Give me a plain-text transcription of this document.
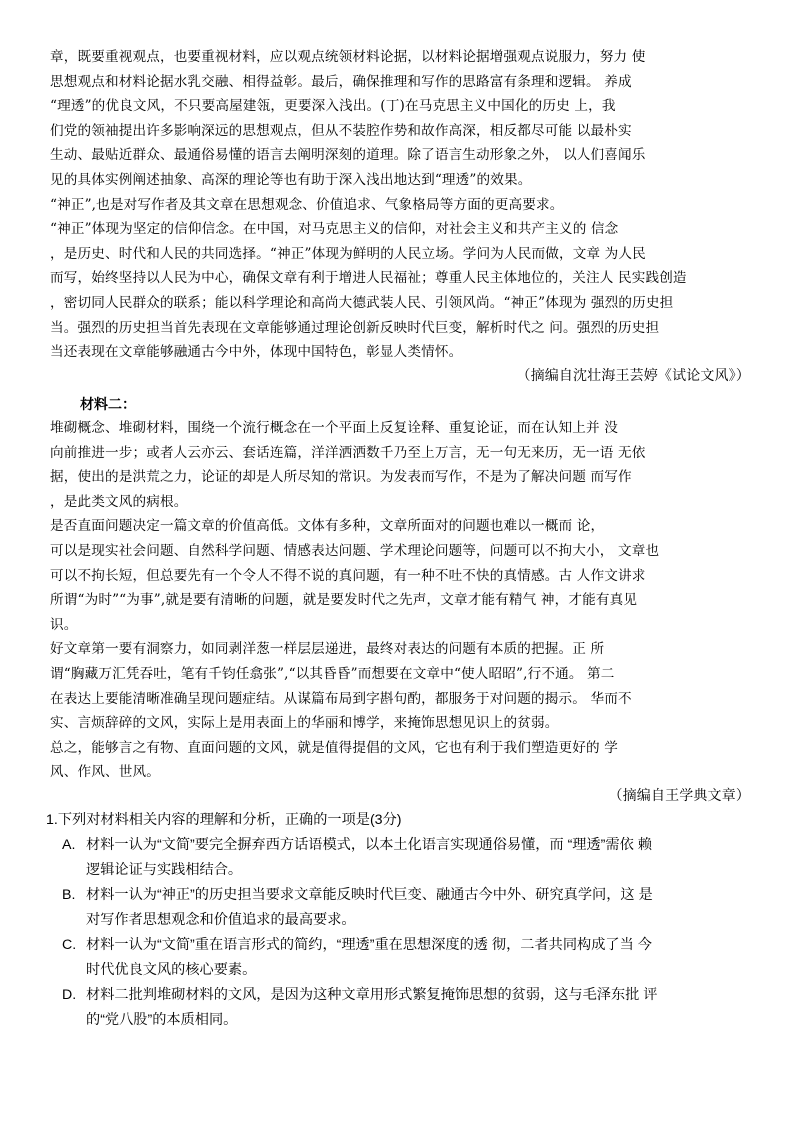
章，既要重视观点，也要重视材料，应以观点统领材料论据，以材料论据增强观点说服力，努力 使
思想观点和材料论据水乳交融、相得益彰。最后，确保推理和写作的思路富有条理和逻辑。 养成
“理透”的优良文风，不只要高屋建瓴，更要深入浅出。(丁)在马克思主义中国化的历史 上，我
们党的领袖提出许多影响深远的思想观点，但从不装腔作势和故作高深，相反都尽可能 以最朴实
生动、最贴近群众、最通俗易懂的语言去阐明深刻的道理。除了语言生动形象之外， 以人们喜闻乐
见的具体实例阐述抽象、高深的理论等也有助于深入浅出地达到“理透”的效果。
“神正”,也是对写作者及其文章在思想观念、价值追求、气象格局等方面的更高要求。
“神正”体现为坚定的信仰信念。在中国，对马克思主义的信仰，对社会主义和共产主义的 信念
，是历史、时代和人民的共同选择。“神正”体现为鲜明的人民立场。学问为人民而做，文章 为人民
而写，始终坚持以人民为中心，确保文章有利于增进人民福祉；尊重人民主体地位的，关注人 民实践创造
，密切同人民群众的联系；能以科学理论和高尚大德武装人民、引领风尚。“神正”体现为 强烈的历史担
当。强烈的历史担当首先表现在文章能够通过理论创新反映时代巨变，解析时代之 问。强烈的历史担
当还表现在文章能够融通古今中外，体现中国特色，彰显人类情怀。
（摘编自沈壮海王芸婷《试论文风》）
材料二：
堆砌概念、堆砌材料，围绕一个流行概念在一个平面上反复诠释、重复论证，而在认知上并 没
向前推进一步；或者人云亦云、套话连篇，洋洋洒洒数千乃至上万言，无一句无来历，无一语 无依
据，使出的是洪荒之力，论证的却是人所尽知的常识。为发表而写作，不是为了解决问题 而写作
，是此类文风的病根。
是否直面问题决定一篇文章的价值高低。文体有多种，文章所面对的问题也难以一概而 论，
可以是现实社会问题、自然科学问题、情感表达问题、学术理论问题等，问题可以不拘大小， 文章也
可以不拘长短，但总要先有一个令人不得不说的真问题，有一种不吐不快的真情感。古 人作文讲求
所谓“为时”“为事”,就是要有清晰的问题，就是要发时代之先声，文章才能有精气 神，才能有真见
识。
好文章第一要有洞察力，如同剥洋葱一样层层递进，最终对表达的问题有本质的把握。正 所
谓“胸藏万汇凭吞吐，笔有千钧任翕张”,“以其昏昏”而想要在文章中“使人昭昭”,行不通。 第二
在表达上要能清晰准确呈现问题症结。从谋篇布局到字斟句酌，都服务于对问题的揭示。 华而不
实、言烦辞碎的文风，实际上是用表面上的华丽和博学，来掩饰思想见识上的贫弱。
总之，能够言之有物、直面问题的文风，就是值得提倡的文风，它也有利于我们塑造更好的 学
风、作风、世风。
（摘编自王学典文章）
1.下列对材料相关内容的理解和分析，正确的一项是(3分)
A. 材料一认为“文简”要完全摒弃西方话语模式，以本土化语言实现通俗易懂，而 “理透”需依 赖
逻辑论证与实践相结合。
B. 材料一认为“神正”的历史担当要求文章能反映时代巨变、融通古今中外、研究真学问，这 是
对写作者思想观念和价值追求的最高要求。
C. 材料一认为“文简”重在语言形式的简约，“理透”重在思想深度的透 彻，二者共同构成了当 今
时代优良文风的核心要素。
D. 材料二批判堆砌材料的文风，是因为这种文章用形式繁复掩饰思想的贫弱，这与毛泽东批 评
的“党八股”的本质相同。
